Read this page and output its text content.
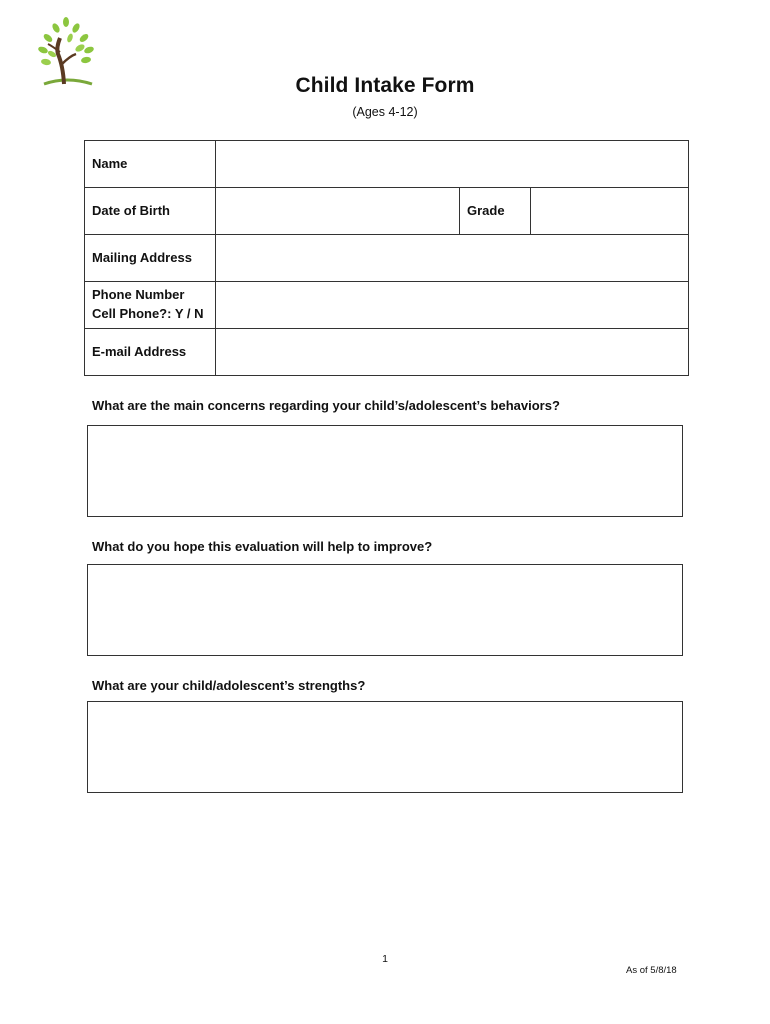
Child Intake Form
(Ages 4-12)
Name			
Date of Birth		Grade	
Mailing Address			
Phone Number
Cell Phone?: Y / N			
E-mail Address			
What are the main concerns regarding your child’s/adolescent’s behaviors?
What do you hope this evaluation will help to improve?
What are your child/adolescent’s strengths?
1
As of 5/8/18
